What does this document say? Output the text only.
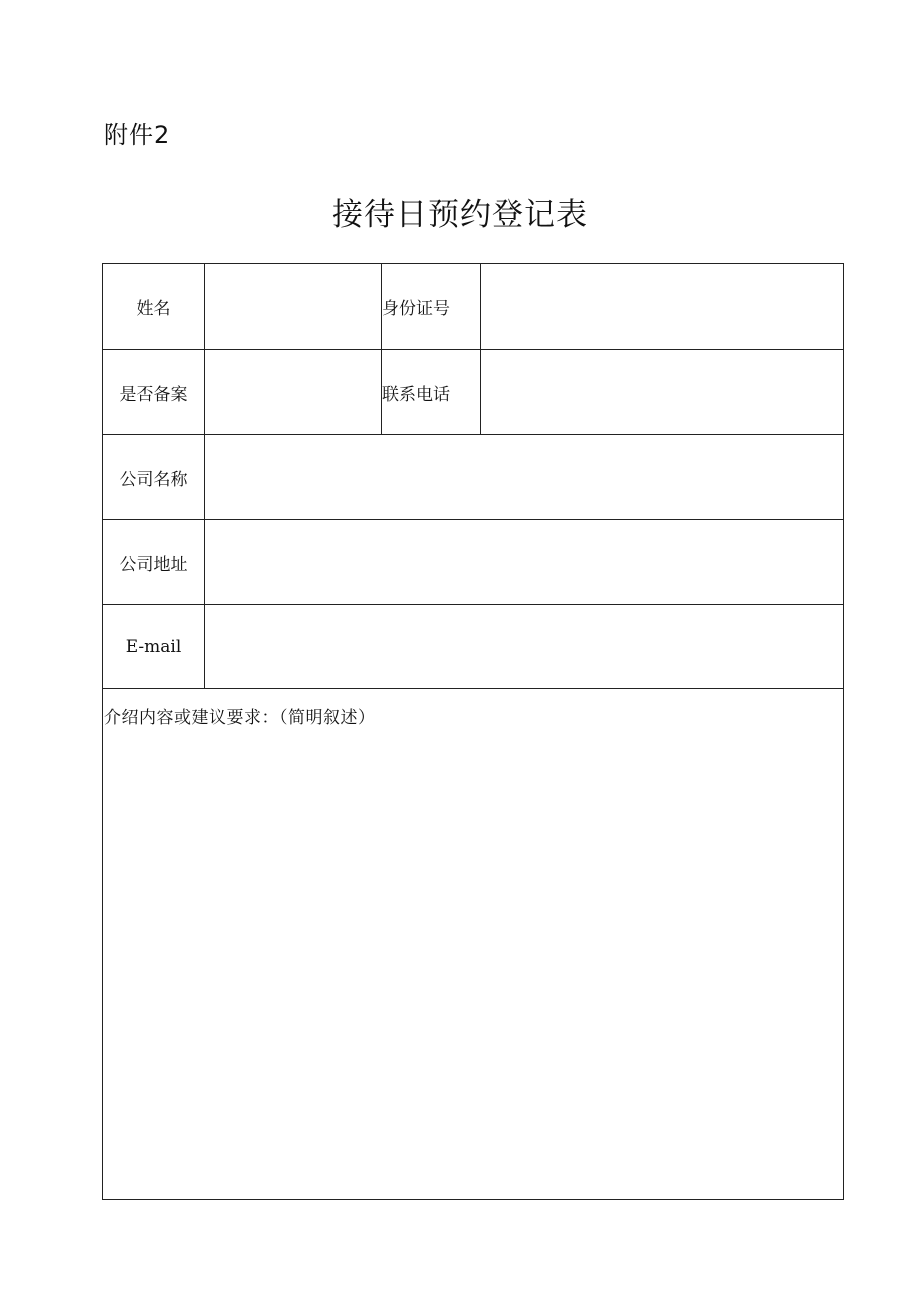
附件2
接待日预约登记表
姓名		身份证号	
是否备案		联系电话	
公司名称			
公司地址			
E-mail			

介绍内容或建议要求：（简明叙述）			
